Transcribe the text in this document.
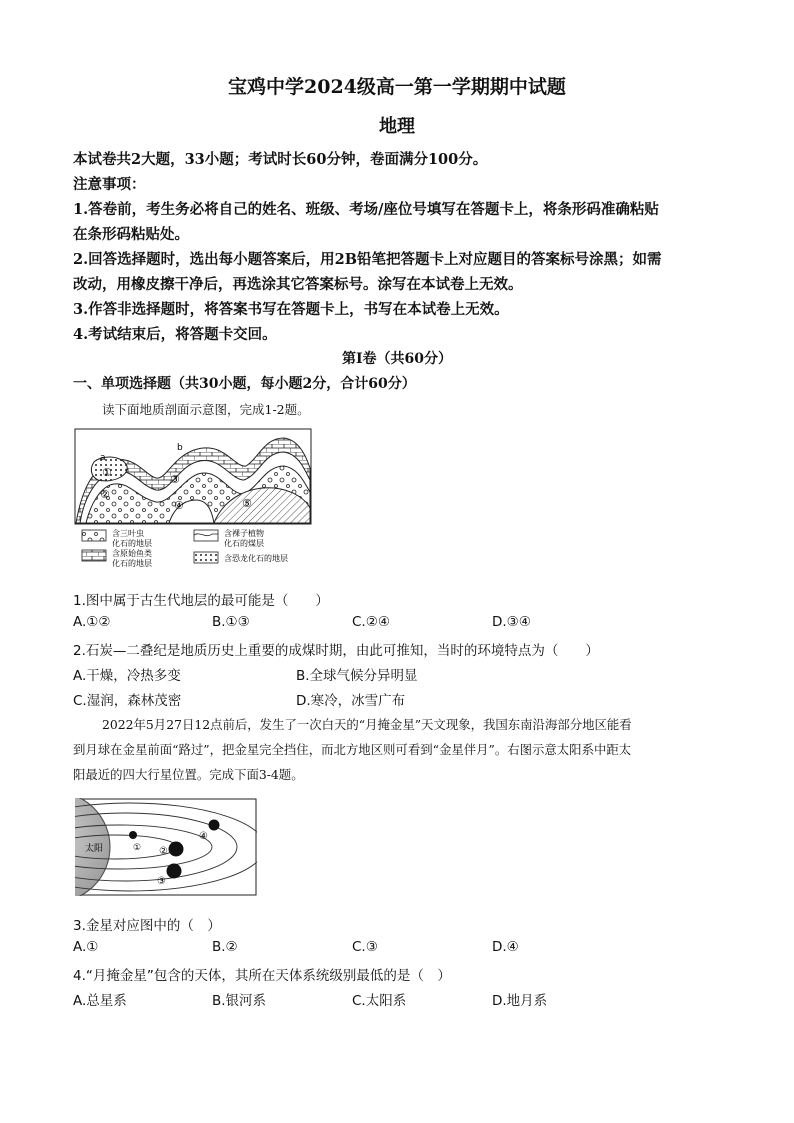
宝鸡中学2024级高一第一学期期中试题
地理
本试卷共2大题，33小题；考试时长60分钟，卷面满分100分。
注意事项：
1.答卷前，考生务必将自己的姓名、班级、考场/座位号填写在答题卡上，将条形码准确粘贴
在条形码粘贴处。
2.回答选择题时，选出每小题答案后，用2B铅笔把答题卡上对应题目的答案标号涂黑；如需
改动，用橡皮擦干净后，再选涂其它答案标号。涂写在本试卷上无效。
3.作答非选择题时，将答案书写在答题卡上，书写在本试卷上无效。
4.考试结束后，将答题卡交回。
第Ⅰ卷（共60分）
一、单项选择题（共30小题，每小题2分，合计60分）
读下面地质剖面示意图，完成1-2题。
a
b
①
②
③
④	⑤
含三叶虫
化石的地层
含裸子植物
化石的煤层
含原始鱼类
化石的地层
含恐龙化石的地层
1.图中属于古生代地层的最可能是（　　）
A.①②	B.①③	C.②④	D.③④
2.石炭—二叠纪是地质历史上重要的成煤时期，由此可推知，当时的环境特点为（　　）
A.干燥，冷热多变	B.全球气候分异明显
C.湿润，森林茂密	D.寒冷，冰雪广布
2022年5月27日12点前后，发生了一次白天的“月掩金星”天文现象，我国东南沿海部分地区能看
到月球在金星前面“路过”，把金星完全挡住，而北方地区则可看到“金星伴月”。右图示意太阳系中距太
阳最近的四大行星位置。完成下面3-4题。
太阳	① ②
③
④
3.金星对应图中的（　）
A.①	B.②	C.③	D.④
4.“月掩金星”包含的天体，其所在天体系统级别最低的是（　）
A.总星系	B.银河系	C.太阳系	D.地月系
